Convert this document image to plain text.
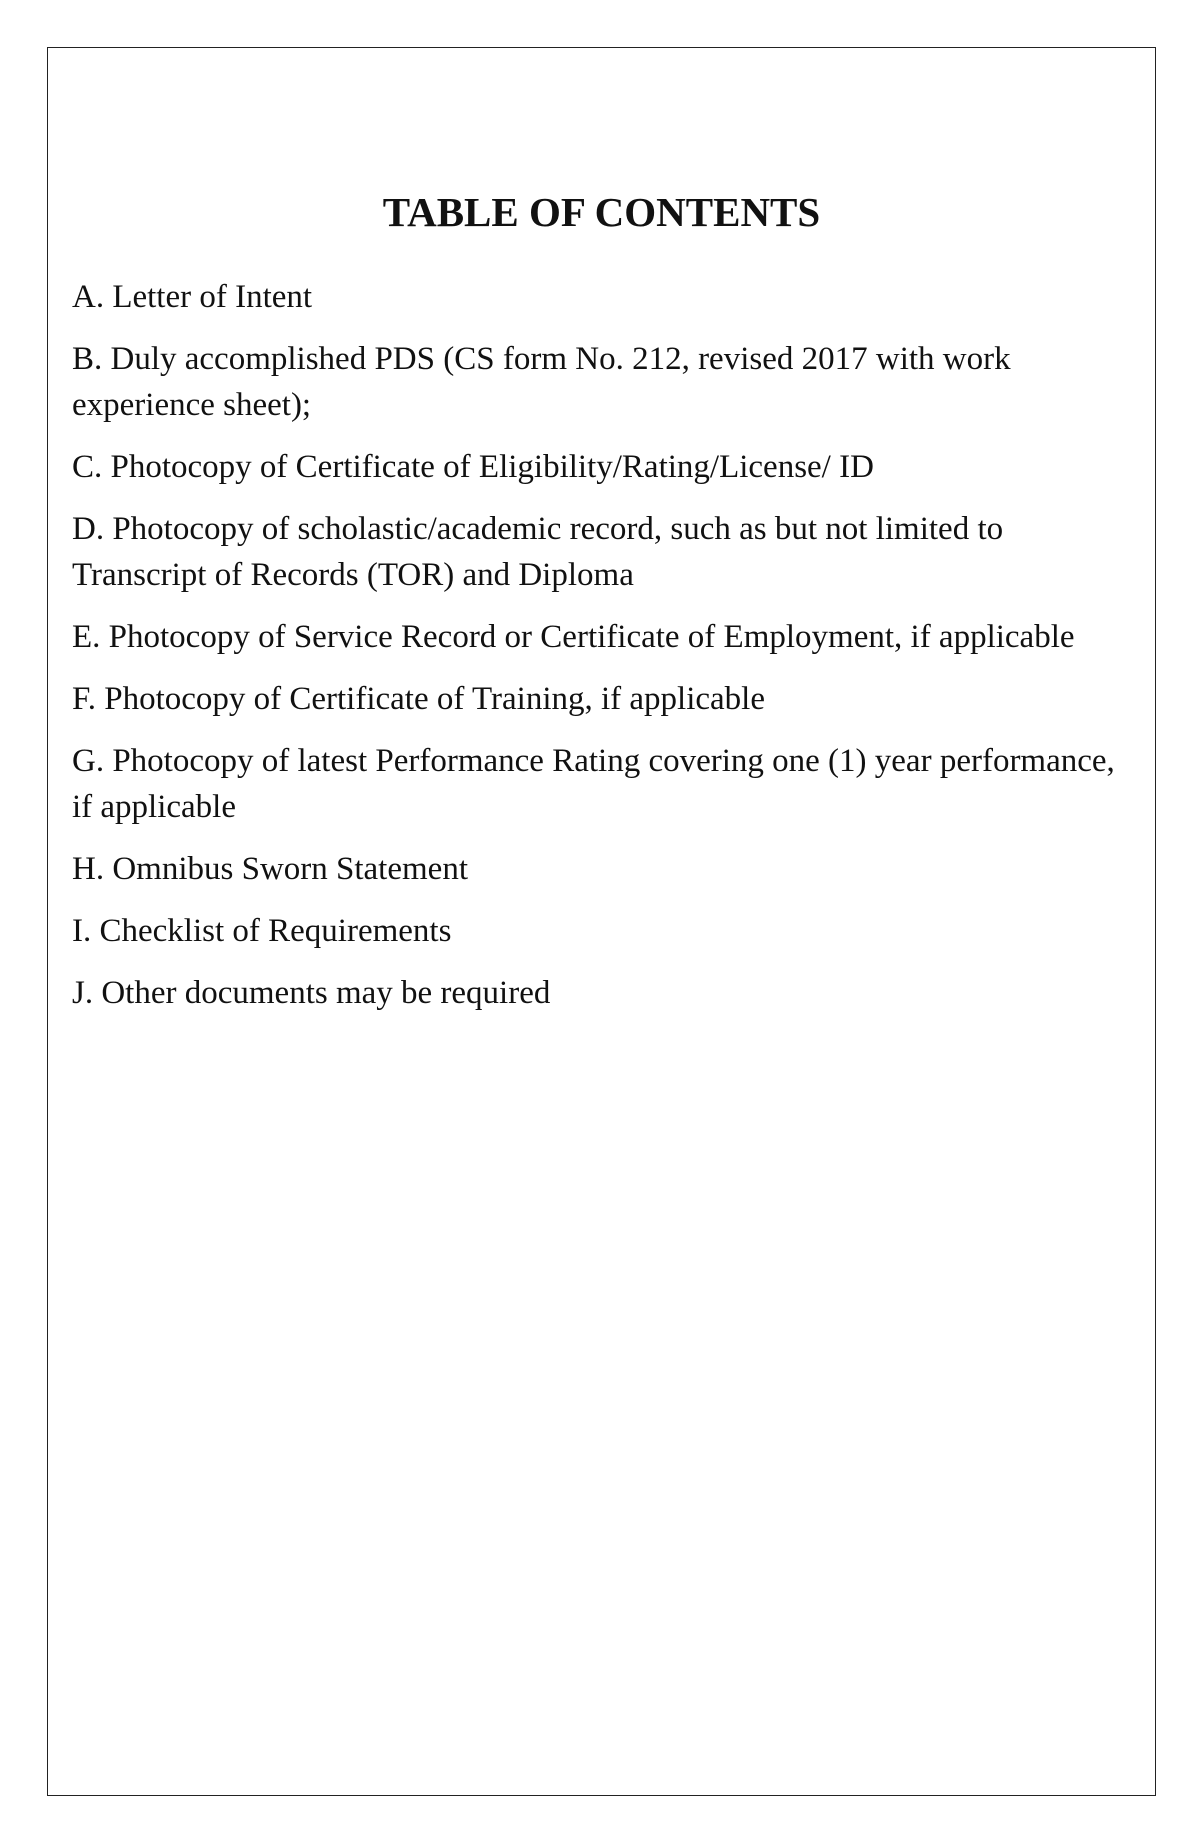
TABLE OF CONTENTS
A. Letter of Intent
B. Duly accomplished PDS (CS form No. 212, revised 2017 with work experience sheet);
C. Photocopy of Certificate of Eligibility/Rating/License/ ID
D. Photocopy of scholastic/academic record, such as but not limited to Transcript of Records (TOR) and Diploma
E. Photocopy of Service Record or Certificate of Employment, if applicable
F. Photocopy of Certificate of Training, if applicable
G. Photocopy of latest Performance Rating covering one (1) year performance, if applicable
H. Omnibus Sworn Statement
I. Checklist of Requirements
J. Other documents may be required
